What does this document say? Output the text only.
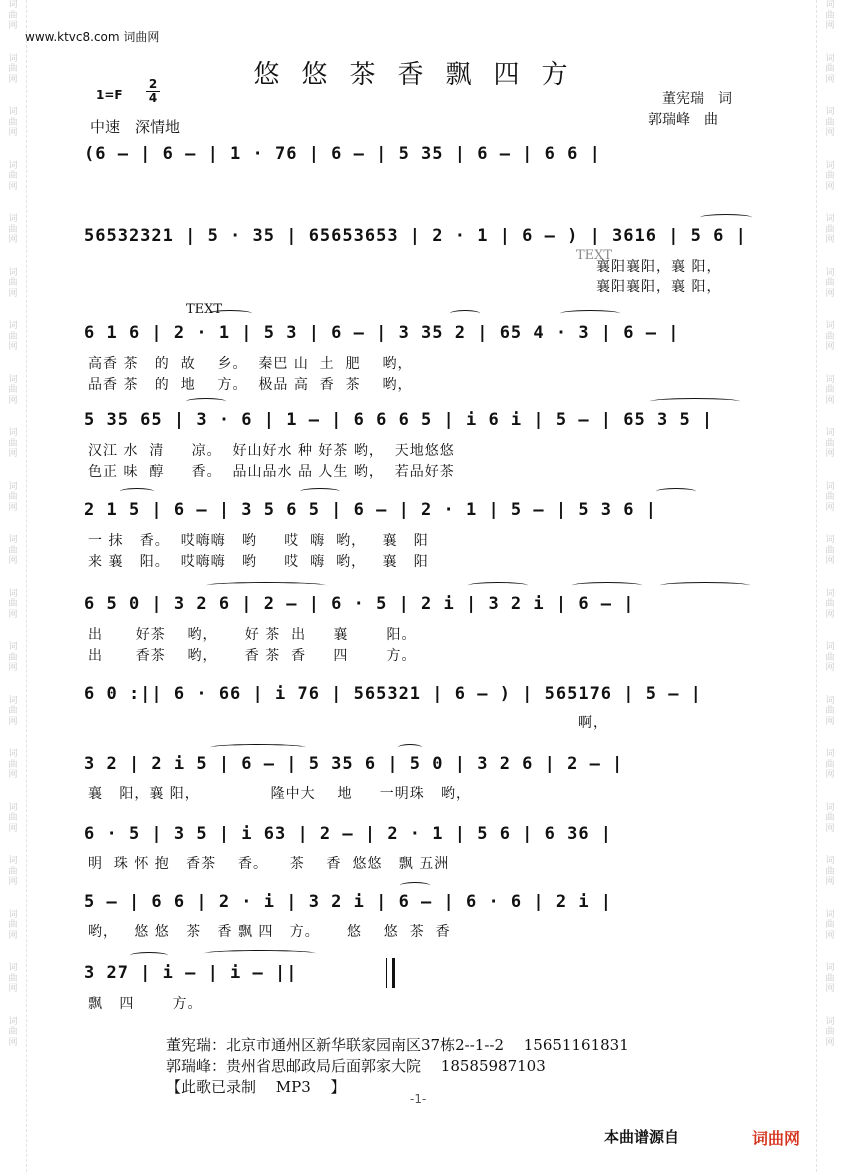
词
曲
网
词
曲
网
词
曲
网
词
曲
网
词
曲
网
词
曲
网
词
曲
网
词
曲
网
词
曲
网
词
曲
网
词
曲
网
词
曲
网
词
曲
网
词
曲
网
词
曲
网
词
曲
网
词
曲
网
词
曲
网
词
曲
网
词
曲
网
词
曲
网
词
曲
网
词
曲
网
词
曲
网
词
曲
网
词
曲
网
词
曲
网
词
曲
网
词
曲
网
词
曲
网
词
曲
网
词
曲
网
词
曲
网
词
曲
网
词
曲
网
词
曲
网
词
曲
网
词
曲
网
词
曲
网
词
曲
网
www.ktvc8.com 词曲网
悠悠茶香飘四方
1=F
2
4
中速　深情地
董宪瑞　词
郭瑞峰　曲
(6 – | 6 – | 1 · 76 | 6 – | 5 35 | 6 – | 6 6 |
56532321 | 5 · 35 | 65653653 | 2 · 1 | 6 – ) | 3616 | 5 6 |
襄阳襄阳，襄 阳，
襄阳襄阳，襄 阳，
6 1 6 | 2 · 1 | 5 3 | 6 – | 3 35 2 | 65 4 · 3 | 6 – |
高香 茶   的  故    乡。  秦巴 山  土  肥    哟，
品香 茶   的  地    方。  极品 高  香  茶    哟，
5 35 65 | 3 · 6 | 1 – | 6 6 6 5 | i 6 i | 5 – | 65 3 5 |
汉江 水  清     凉。  好山好水 种 好茶 哟，  天地悠悠
色正 味  醇     香。  品山品水 品 人生 哟，  若品好茶
2 1 5 | 6 – | 3 5 6 5 | 6 – | 2 · 1 | 5 – | 5 3 6 |
一 抹   香。  哎嗨嗨   哟     哎  嗨  哟，   襄   阳
来 襄   阳。  哎嗨嗨   哟     哎  嗨  哟，   襄   阳
6 5 0 | 3 2 6 | 2 – | 6 · 5 | 2 i | 3 2 i | 6 – |
出      好茶    哟，     好 茶  出     襄       阳。
出      香茶    哟，     香 茶  香     四       方。
6 0 :|| 6 · 66 | i 76 | 565321 | 6 – ) | 565176 | 5 – |
啊，
3 2 | 2 i 5 | 6 – | 5 35 6 | 5 0 | 3 2 6 | 2 – |
襄   阳，襄 阳，             隆中大    地     一明珠   哟，
6 · 5 | 3 5 | i 63 | 2 – | 2 · 1 | 5 6 | 6 36 |
明  珠 怀 抱   香茶    香。    茶    香  悠悠   飘 五洲
5 – | 6 6 | 2 · i | 3 2 i | 6 – | 6 · 6 | 2 i |
哟，   悠 悠   茶   香 飘 四   方。     悠    悠  茶  香
3 27 | i – | i – ||
飘   四       方。
TEXT
TEXT
董宪瑞：北京市通州区新华联家园南区37栋2--1--2　 15651161831
郭瑞峰：贵州省思邮政局后面郭家大院　 18585987103
【此歌已录制　 MP3　 】
-1-
本曲谱源自	词曲网
